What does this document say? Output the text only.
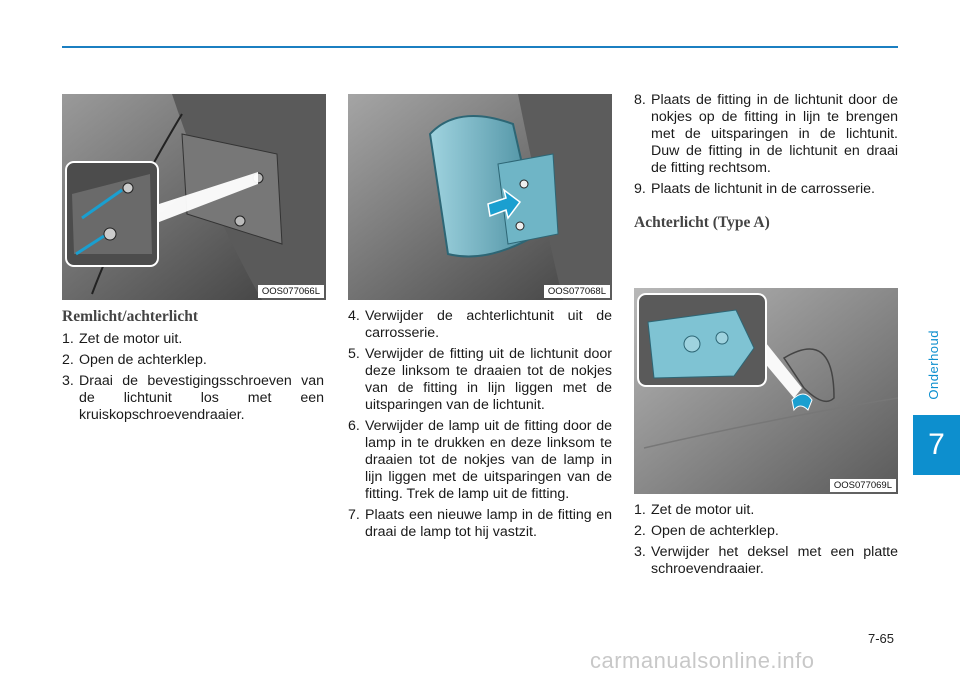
Onderhoud
7
OOS077066L	OOS077068L
OOS077069L

Remlicht/achterlicht

1. Zet de motor uit.
2. Open de achterklep.
3. Draai de bevestigingsschroeven van de lichtunit los met een kruiskopschroevendraaier.
4. Verwijder de achterlichtunit uit de carrosserie.
5. Verwijder de fitting uit de lichtunit door deze linksom te draaien tot de nokjes van de fitting in lijn liggen met de uitsparingen van de lichtunit.
6. Verwijder de lamp uit de fitting door de lamp in te drukken en deze linksom te draaien tot de nokjes van de lamp in lijn liggen met de uitsparingen van de fitting. Trek de lamp uit de fitting.
7. Plaats een nieuwe lamp in de fitting en draai de lamp tot hij vastzit.
8. Plaats de fitting in de lichtunit door de nokjes op de fitting in lijn te brengen met de uitsparingen in de lichtunit. Duw de fitting in de lichtunit en draai de fitting rechtsom.
9. Plaats de lichtunit in de carrosserie.

Achterlicht (Type A)

1. Zet de motor uit.
2. Open de achterklep.
3. Verwijder het deksel met een platte schroevendraaier.
7-65
carmanualsonline.info
